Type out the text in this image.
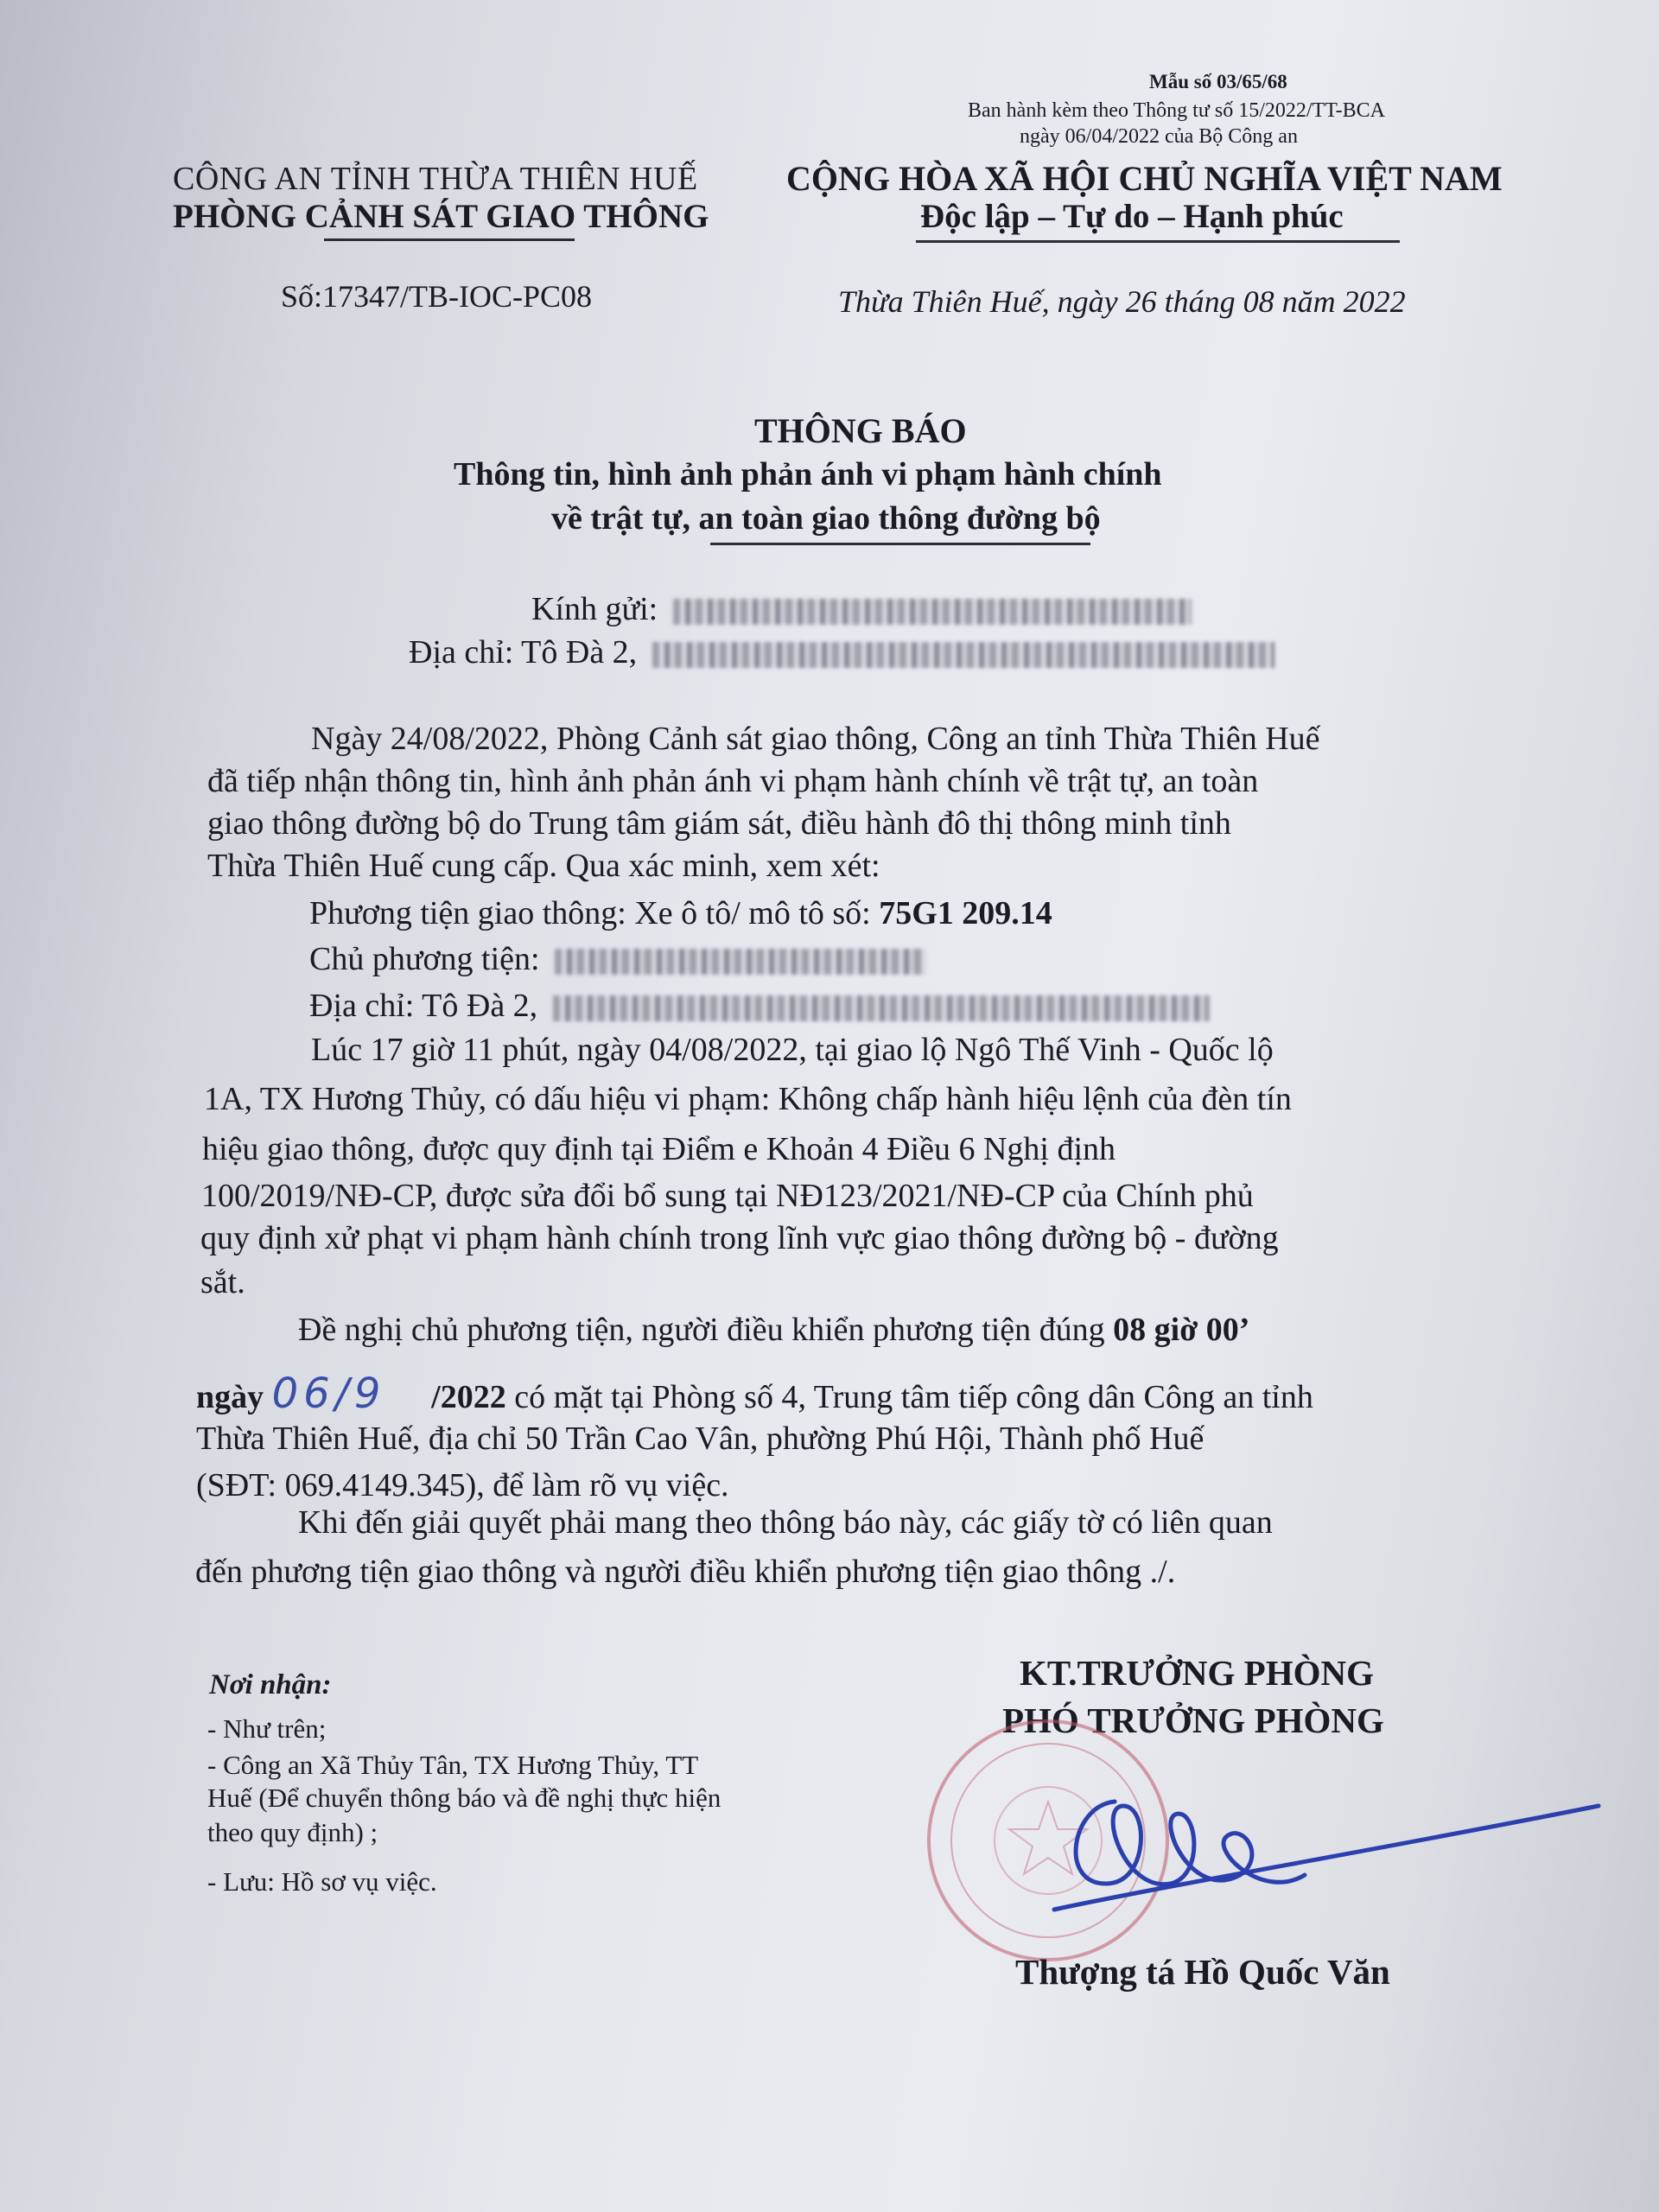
Mẫu số 03/65/68
Ban hành kèm theo Thông tư số 15/2022/TT-BCA
ngày 06/04/2022 của Bộ Công an
CÔNG AN TỈNH THỪA THIÊN HUẾ
PHÒNG CẢNH SÁT GIAO THÔNG
CỘNG HÒA XÃ HỘI CHỦ NGHĨA VIỆT NAM
Độc lập – Tự do – Hạnh phúc
Số:17347/TB-IOC-PC08	Thừa Thiên Huế, ngày 26 tháng 08 năm 2022
THÔNG BÁO
Thông tin, hình ảnh phản ánh vi phạm hành chính
về trật tự, an toàn giao thông đường bộ
Kính gửi:
Địa chỉ: Tô Đà 2,
Ngày 24/08/2022, Phòng Cảnh sát giao thông, Công an tỉnh Thừa Thiên Huế
đã tiếp nhận thông tin, hình ảnh phản ánh vi phạm hành chính về trật tự, an toàn
giao thông đường bộ do Trung tâm giám sát, điều hành đô thị thông minh tỉnh
Thừa Thiên Huế cung cấp. Qua xác minh, xem xét:
Phương tiện giao thông: Xe ô tô/ mô tô số: 75G1 209.14
Chủ phương tiện:
Địa chỉ: Tô Đà 2,
Lúc 17 giờ 11 phút, ngày 04/08/2022, tại giao lộ Ngô Thế Vinh - Quốc lộ
1A, TX Hương Thủy, có dấu hiệu vi phạm: Không chấp hành hiệu lệnh của đèn tín
hiệu giao thông, được quy định tại Điểm e Khoản 4 Điều 6 Nghị định
100/2019/NĐ-CP, được sửa đổi bổ sung tại NĐ123/2021/NĐ-CP của Chính phủ
quy định xử phạt vi phạm hành chính trong lĩnh vực giao thông đường bộ - đường
sắt.
Đề nghị chủ phương tiện, người điều khiển phương tiện đúng 08 giờ 00’
ngày 06/9 /2022 có mặt tại Phòng số 4, Trung tâm tiếp công dân Công an tỉnh
Thừa Thiên Huế, địa chỉ 50 Trần Cao Vân, phường Phú Hội, Thành phố Huế
(SĐT: 069.4149.345), để làm rõ vụ việc.
Khi đến giải quyết phải mang theo thông báo này, các giấy tờ có liên quan
đến phương tiện giao thông và người điều khiển phương tiện giao thông ./.
Nơi nhận:
- Như trên;
- Công an Xã Thủy Tân, TX Hương Thủy, TT
Huế (Để chuyển thông báo và đề nghị thực hiện
theo quy định) ;
- Lưu: Hồ sơ vụ việc.
KT.TRƯỞNG PHÒNG
PHÓ TRƯỞNG PHÒNG
Thượng tá Hồ Quốc Văn
